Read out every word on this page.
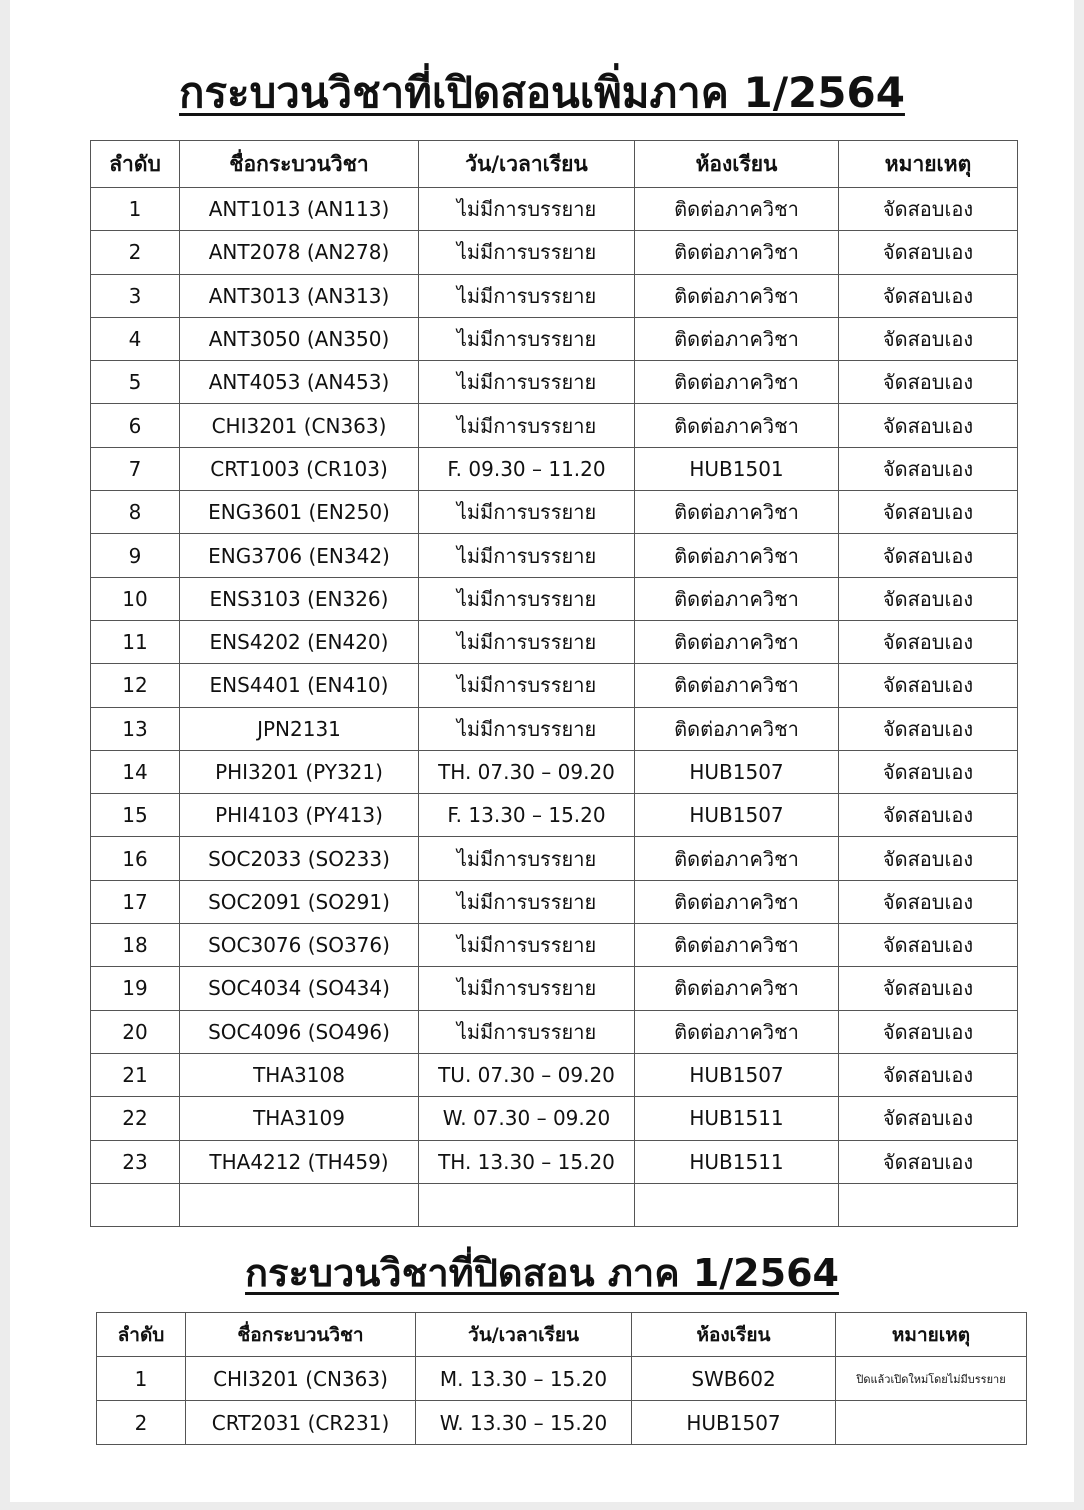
กระบวนวิชาที่เปิดสอนเพิ่มภาค 1/2564
ลำดับ	ชื่อกระบวนวิชา	วัน/เวลาเรียน	ห้องเรียน	หมายเหตุ
1	ANT1013 (AN113)	ไม่มีการบรรยาย	ติดต่อภาควิชา	จัดสอบเอง
2	ANT2078 (AN278)	ไม่มีการบรรยาย	ติดต่อภาควิชา	จัดสอบเอง
3	ANT3013 (AN313)	ไม่มีการบรรยาย	ติดต่อภาควิชา	จัดสอบเอง
4	ANT3050 (AN350)	ไม่มีการบรรยาย	ติดต่อภาควิชา	จัดสอบเอง
5	ANT4053 (AN453)	ไม่มีการบรรยาย	ติดต่อภาควิชา	จัดสอบเอง
6	CHI3201 (CN363)	ไม่มีการบรรยาย	ติดต่อภาควิชา	จัดสอบเอง
7	CRT1003 (CR103)	F. 09.30 – 11.20	HUB1501	จัดสอบเอง
8	ENG3601 (EN250)	ไม่มีการบรรยาย	ติดต่อภาควิชา	จัดสอบเอง
9	ENG3706 (EN342)	ไม่มีการบรรยาย	ติดต่อภาควิชา	จัดสอบเอง
10	ENS3103 (EN326)	ไม่มีการบรรยาย	ติดต่อภาควิชา	จัดสอบเอง
11	ENS4202 (EN420)	ไม่มีการบรรยาย	ติดต่อภาควิชา	จัดสอบเอง
12	ENS4401 (EN410)	ไม่มีการบรรยาย	ติดต่อภาควิชา	จัดสอบเอง
13	JPN2131	ไม่มีการบรรยาย	ติดต่อภาควิชา	จัดสอบเอง
14	PHI3201 (PY321)	TH. 07.30 – 09.20	HUB1507	จัดสอบเอง
15	PHI4103 (PY413)	F. 13.30 – 15.20	HUB1507	จัดสอบเอง
16	SOC2033 (SO233)	ไม่มีการบรรยาย	ติดต่อภาควิชา	จัดสอบเอง
17	SOC2091 (SO291)	ไม่มีการบรรยาย	ติดต่อภาควิชา	จัดสอบเอง
18	SOC3076 (SO376)	ไม่มีการบรรยาย	ติดต่อภาควิชา	จัดสอบเอง
19	SOC4034 (SO434)	ไม่มีการบรรยาย	ติดต่อภาควิชา	จัดสอบเอง
20	SOC4096 (SO496)	ไม่มีการบรรยาย	ติดต่อภาควิชา	จัดสอบเอง
21	THA3108	TU. 07.30 – 09.20	HUB1507	จัดสอบเอง
22	THA3109	W. 07.30 – 09.20	HUB1511	จัดสอบเอง
23	THA4212 (TH459)	TH. 13.30 – 15.20	HUB1511	จัดสอบเอง

กระบวนวิชาที่ปิดสอน ภาค 1/2564
ลำดับ	ชื่อกระบวนวิชา	วัน/เวลาเรียน	ห้องเรียน	หมายเหตุ
1	CHI3201 (CN363)	M. 13.30 – 15.20	SWB602	ปิดแล้วเปิดใหม่โดยไม่มีบรรยาย
2	CRT2031 (CR231)	W. 13.30 – 15.20	HUB1507	
